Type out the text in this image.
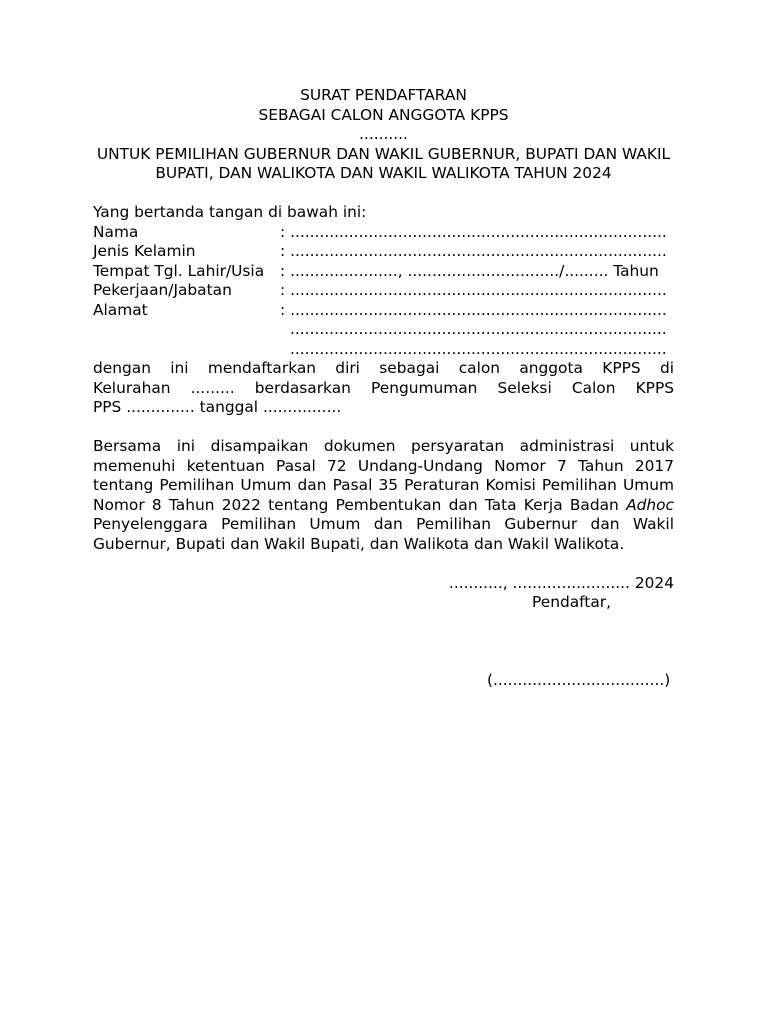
SURAT PENDAFTARAN
SEBAGAI CALON ANGGOTA KPPS
..........
UNTUK PEMILIHAN GUBERNUR DAN WAKIL GUBERNUR, BUPATI DAN WAKIL
BUPATI, DAN WALIKOTA DAN WAKIL WALIKOTA TAHUN 2024
Yang bertanda tangan di bawah ini:
Nama	: .............................................................................
Jenis Kelamin	: .............................................................................
Tempat Tgl. Lahir/Usia	: ......................, .............................../......... Tahun
Pekerjaan/Jabatan	: .............................................................................
Alamat	: .............................................................................
.............................................................................
.............................................................................
dengan ini mendaftarkan diri sebagai calon anggota KPPS di
Kelurahan ......... berdasarkan Pengumuman Seleksi Calon KPPS
PPS .............. tanggal ................
Bersama ini disampaikan dokumen persyaratan administrasi untuk
memenuhi ketentuan Pasal 72 Undang-Undang Nomor 7 Tahun 2017
tentang Pemilihan Umum dan Pasal 35 Peraturan Komisi Pemilihan Umum
Nomor 8 Tahun 2022 tentang Pembentukan dan Tata Kerja Badan Adhoc
Penyelenggara Pemilihan Umum dan Pemilihan Gubernur dan Wakil
Gubernur, Bupati dan Wakil Bupati, dan Walikota dan Wakil Walikota.
..........., ........................ 2024
Pendaftar,
(...................................)
